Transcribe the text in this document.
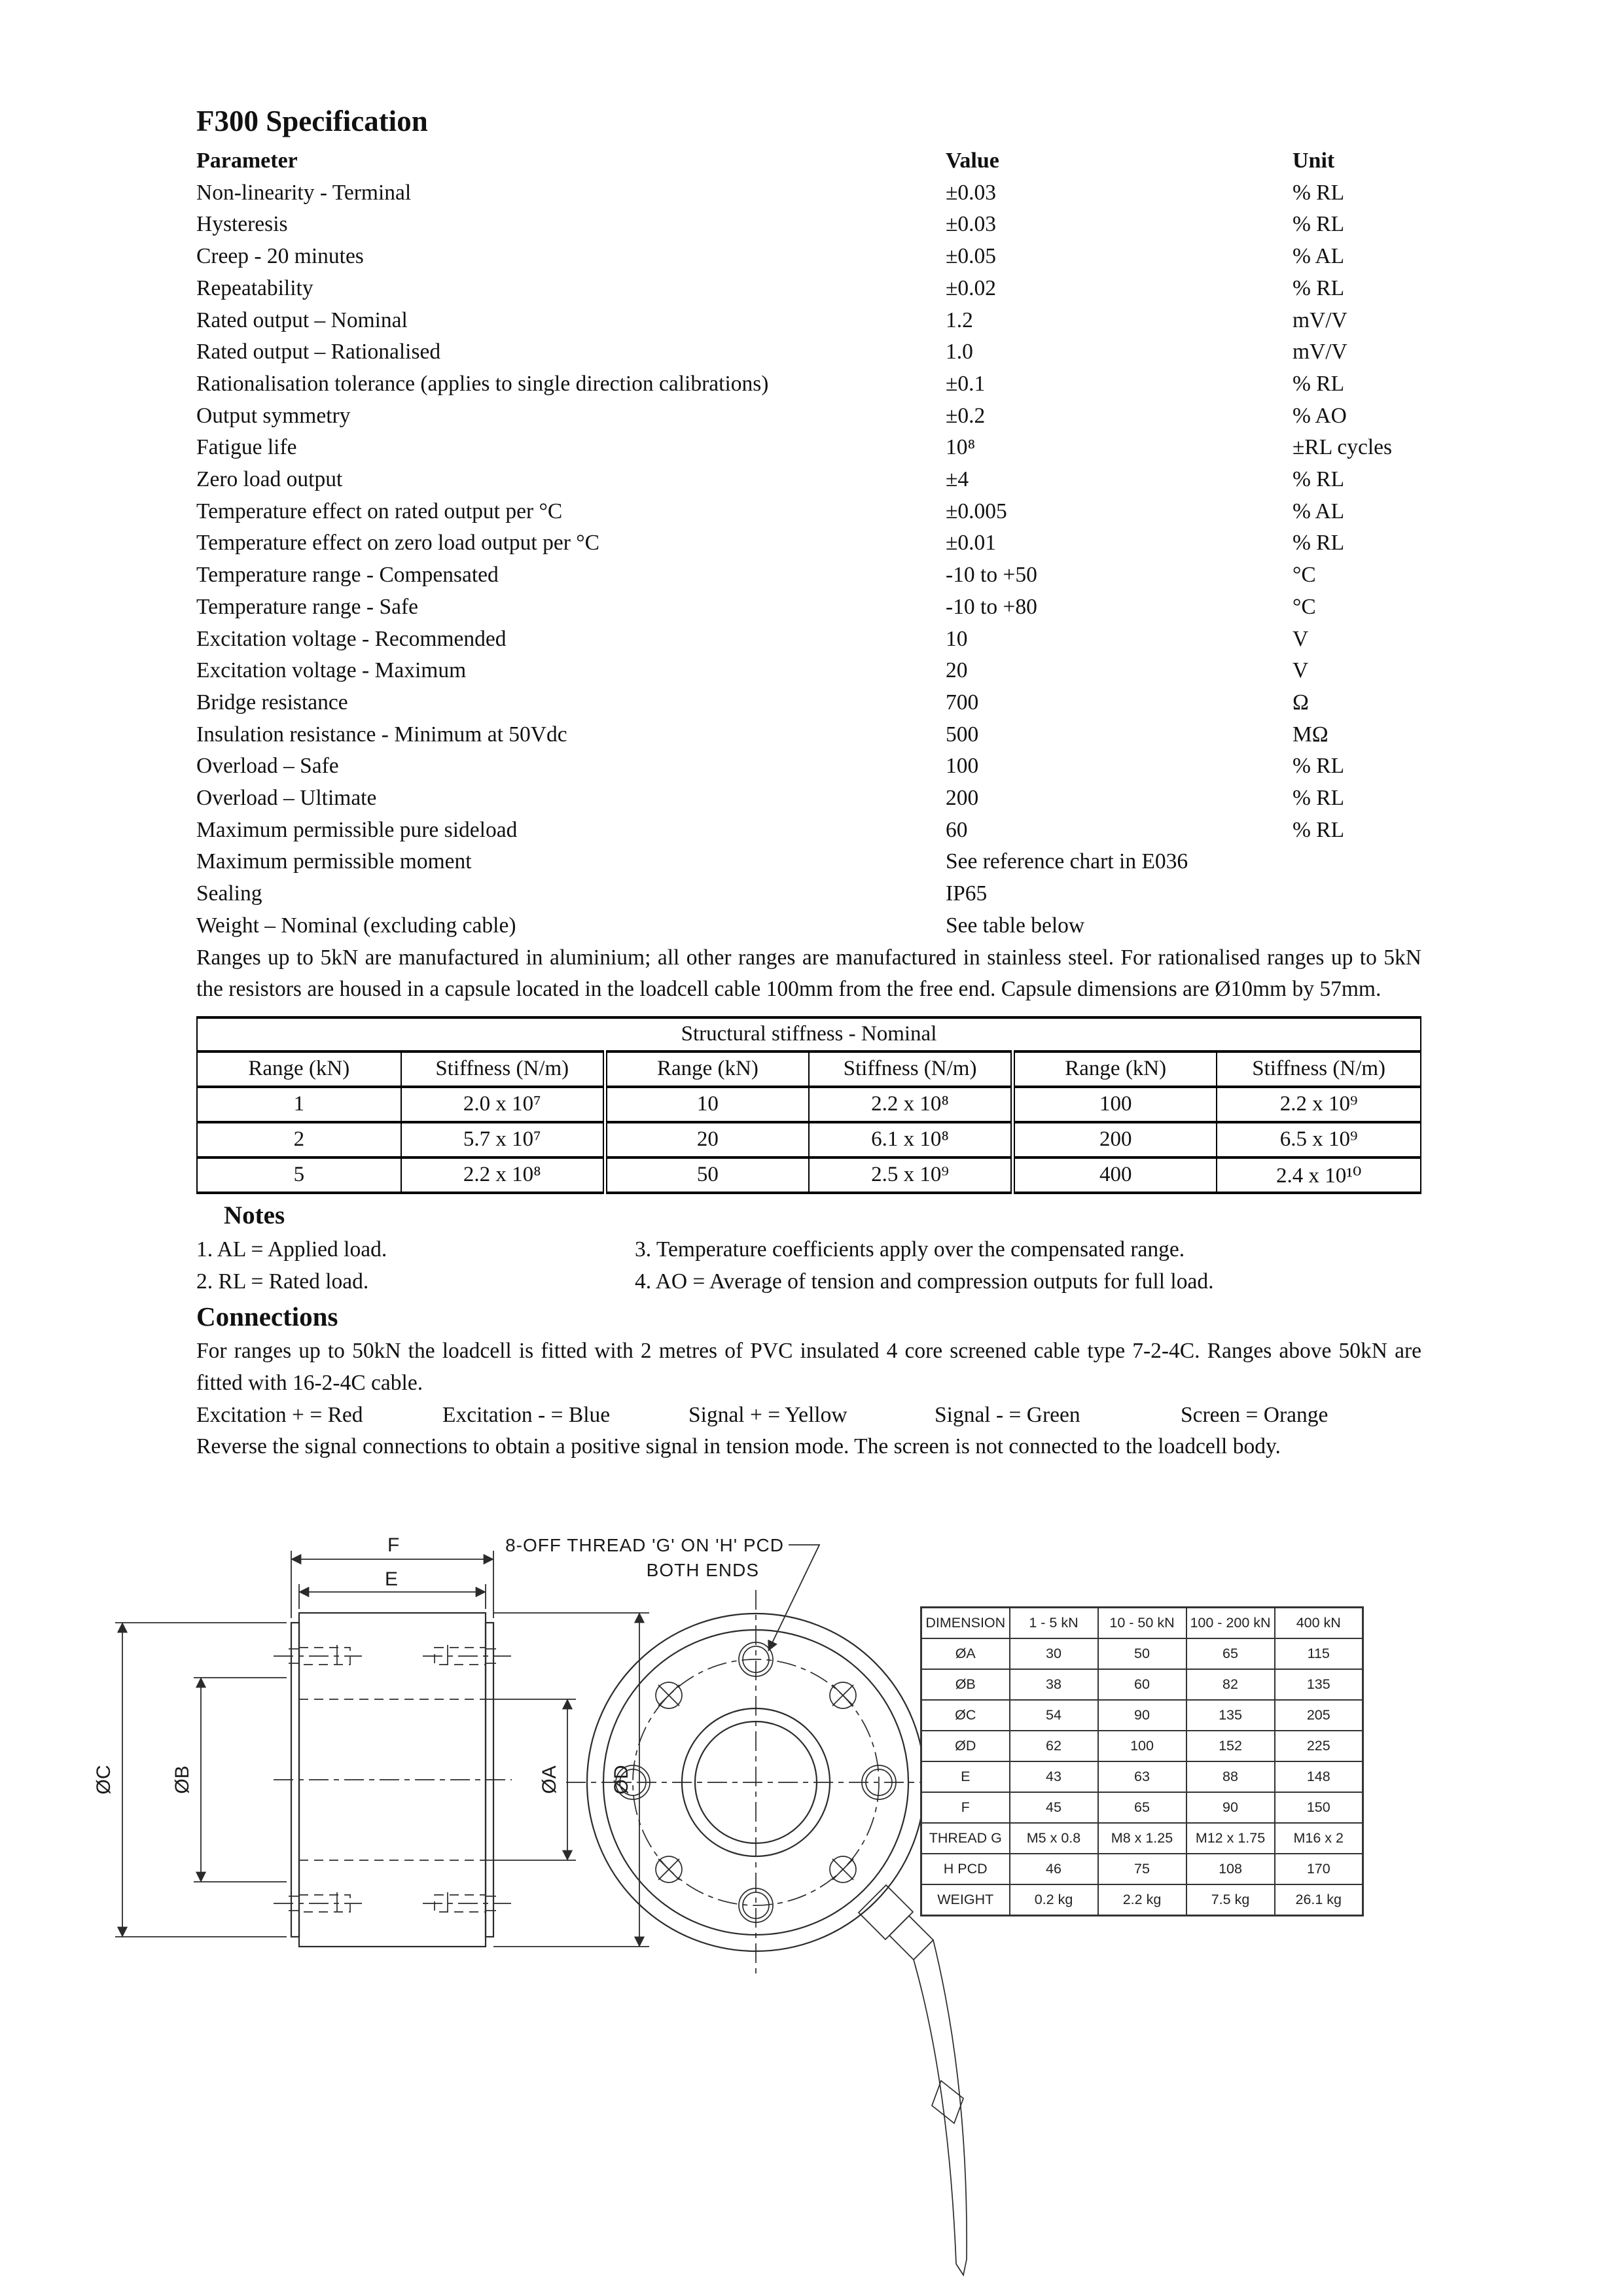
F300 Specification
Parameter	Value	Unit
Non-linearity - Terminal	±0.03	% RL
Hysteresis	±0.03	% RL
Creep - 20 minutes	±0.05	% AL
Repeatability	±0.02	% RL
Rated output – Nominal	1.2	mV/V
Rated output – Rationalised	1.0	mV/V
Rationalisation tolerance (applies to single direction calibrations)	±0.1	% RL
Output symmetry	±0.2	% AO
Fatigue life	10⁸	±RL cycles
Zero load output	±4	% RL
Temperature effect on rated output per °C	±0.005	% AL
Temperature effect on zero load output per °C	±0.01	% RL
Temperature range - Compensated	-10 to +50	°C
Temperature range - Safe	-10 to +80	°C
Excitation voltage - Recommended	10	V
Excitation voltage - Maximum	20	V
Bridge resistance	700	Ω
Insulation resistance - Minimum at 50Vdc	500	MΩ
Overload – Safe	100	% RL
Overload – Ultimate	200	% RL
Maximum permissible pure sideload	60	% RL
Maximum permissible moment	See reference chart in E036
Sealing	IP65
Weight – Nominal (excluding cable)	See table below

Ranges up to 5kN are manufactured in aluminium; all other ranges are manufactured in stainless steel. For rationalised ranges up to 5kN the resistors are housed in a capsule located in the loadcell cable 100mm from the free end. Capsule dimensions are Ø10mm by 57mm.

Structural stiffness - Nominal					
Range (kN)	Stiffness (N/m)	Range (kN)	Stiffness (N/m)	Range (kN)	Stiffness (N/m)
1	2.0 x 10⁷	10	2.2 x 10⁸	100	2.2 x 10⁹
2	5.7 x 10⁷	20	6.1 x 10⁸	200	6.5 x 10⁹
5	2.2 x 10⁸	50	2.5 x 10⁹	400	2.4 x 10¹⁰
Notes
1. AL = Applied load.
2. RL = Rated load.
3. Temperature coefficients apply over the compensated range.
4. AO = Average of tension and compression outputs for full load.
Connections

For ranges up to 50kN the loadcell is fitted with 2 metres of PVC insulated 4 core screened cable type 7-2-4C. Ranges above 50kN are fitted with 16-2-4C cable.

Excitation + = Red	Excitation - = Blue	Signal + = Yellow	Signal - = Green	Screen = Orange

Reverse the signal connections to obtain a positive signal in tension mode. The screen is not connected to the loadcell body.

F
E
ØC	ØB	ØA	ØD
8-OFF THREAD 'G' ON 'H' PCD
BOTH ENDS
DIMENSION	1 - 5 kN	10 - 50 kN	100 - 200 kN	400 kN
ØA	30	50	65	115
ØB	38	60	82	135
ØC	54	90	135	205
ØD	62	100	152	225
E	43	63	88	148
F	45	65	90	150
THREAD G	M5 x 0.8	M8 x 1.25	M12 x 1.75	M16 x 2
H PCD	46	75	108	170
WEIGHT	0.2 kg	2.2 kg	7.5 kg	26.1 kg
